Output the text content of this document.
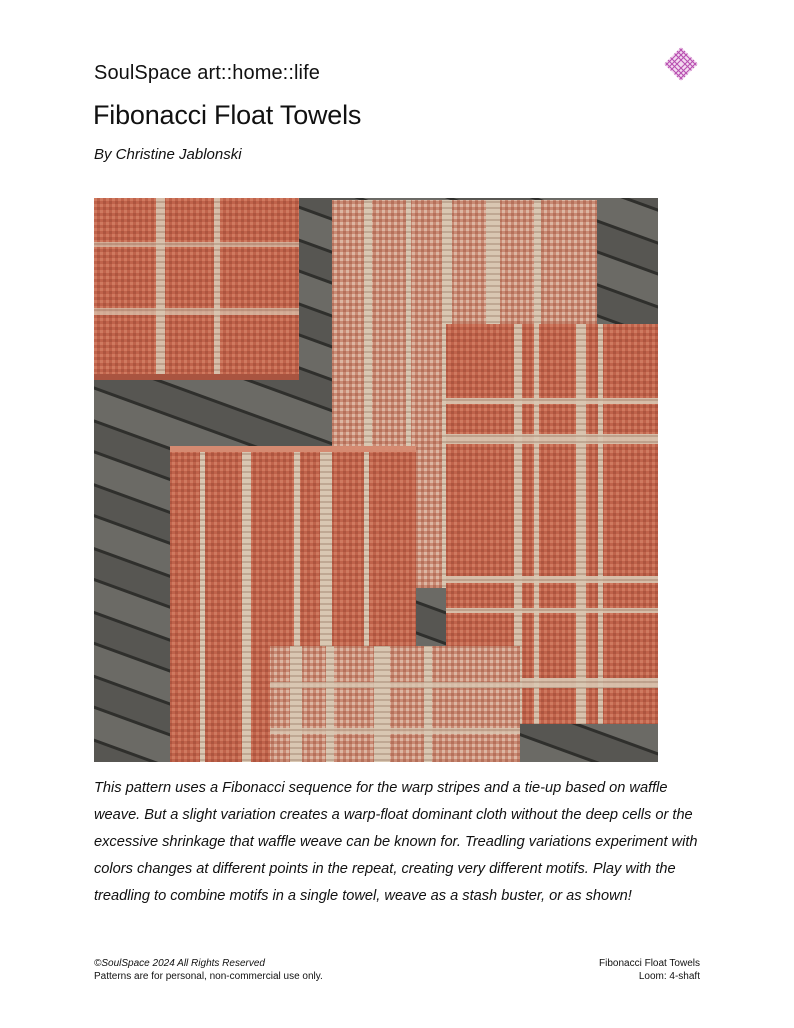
SoulSpace art::home::life
Fibonacci Float Towels
By Christine Jablonski

This pattern uses a Fibonacci sequence for the warp stripes and a tie-up based on waffle weave. But a slight variation creates a warp-float dominant cloth without the deep cells or the excessive shrinkage that waffle weave can be known for. Treadling variations experiment with colors changes at different points in the repeat, creating very different motifs. Play with the treadling to combine motifs in a single towel, weave as a stash buster, or as shown!

©SoulSpace 2024 All Rights Reserved
Patterns are for personal, non-commercial use only.
Fibonacci Float Towels
Loom: 4-shaft
